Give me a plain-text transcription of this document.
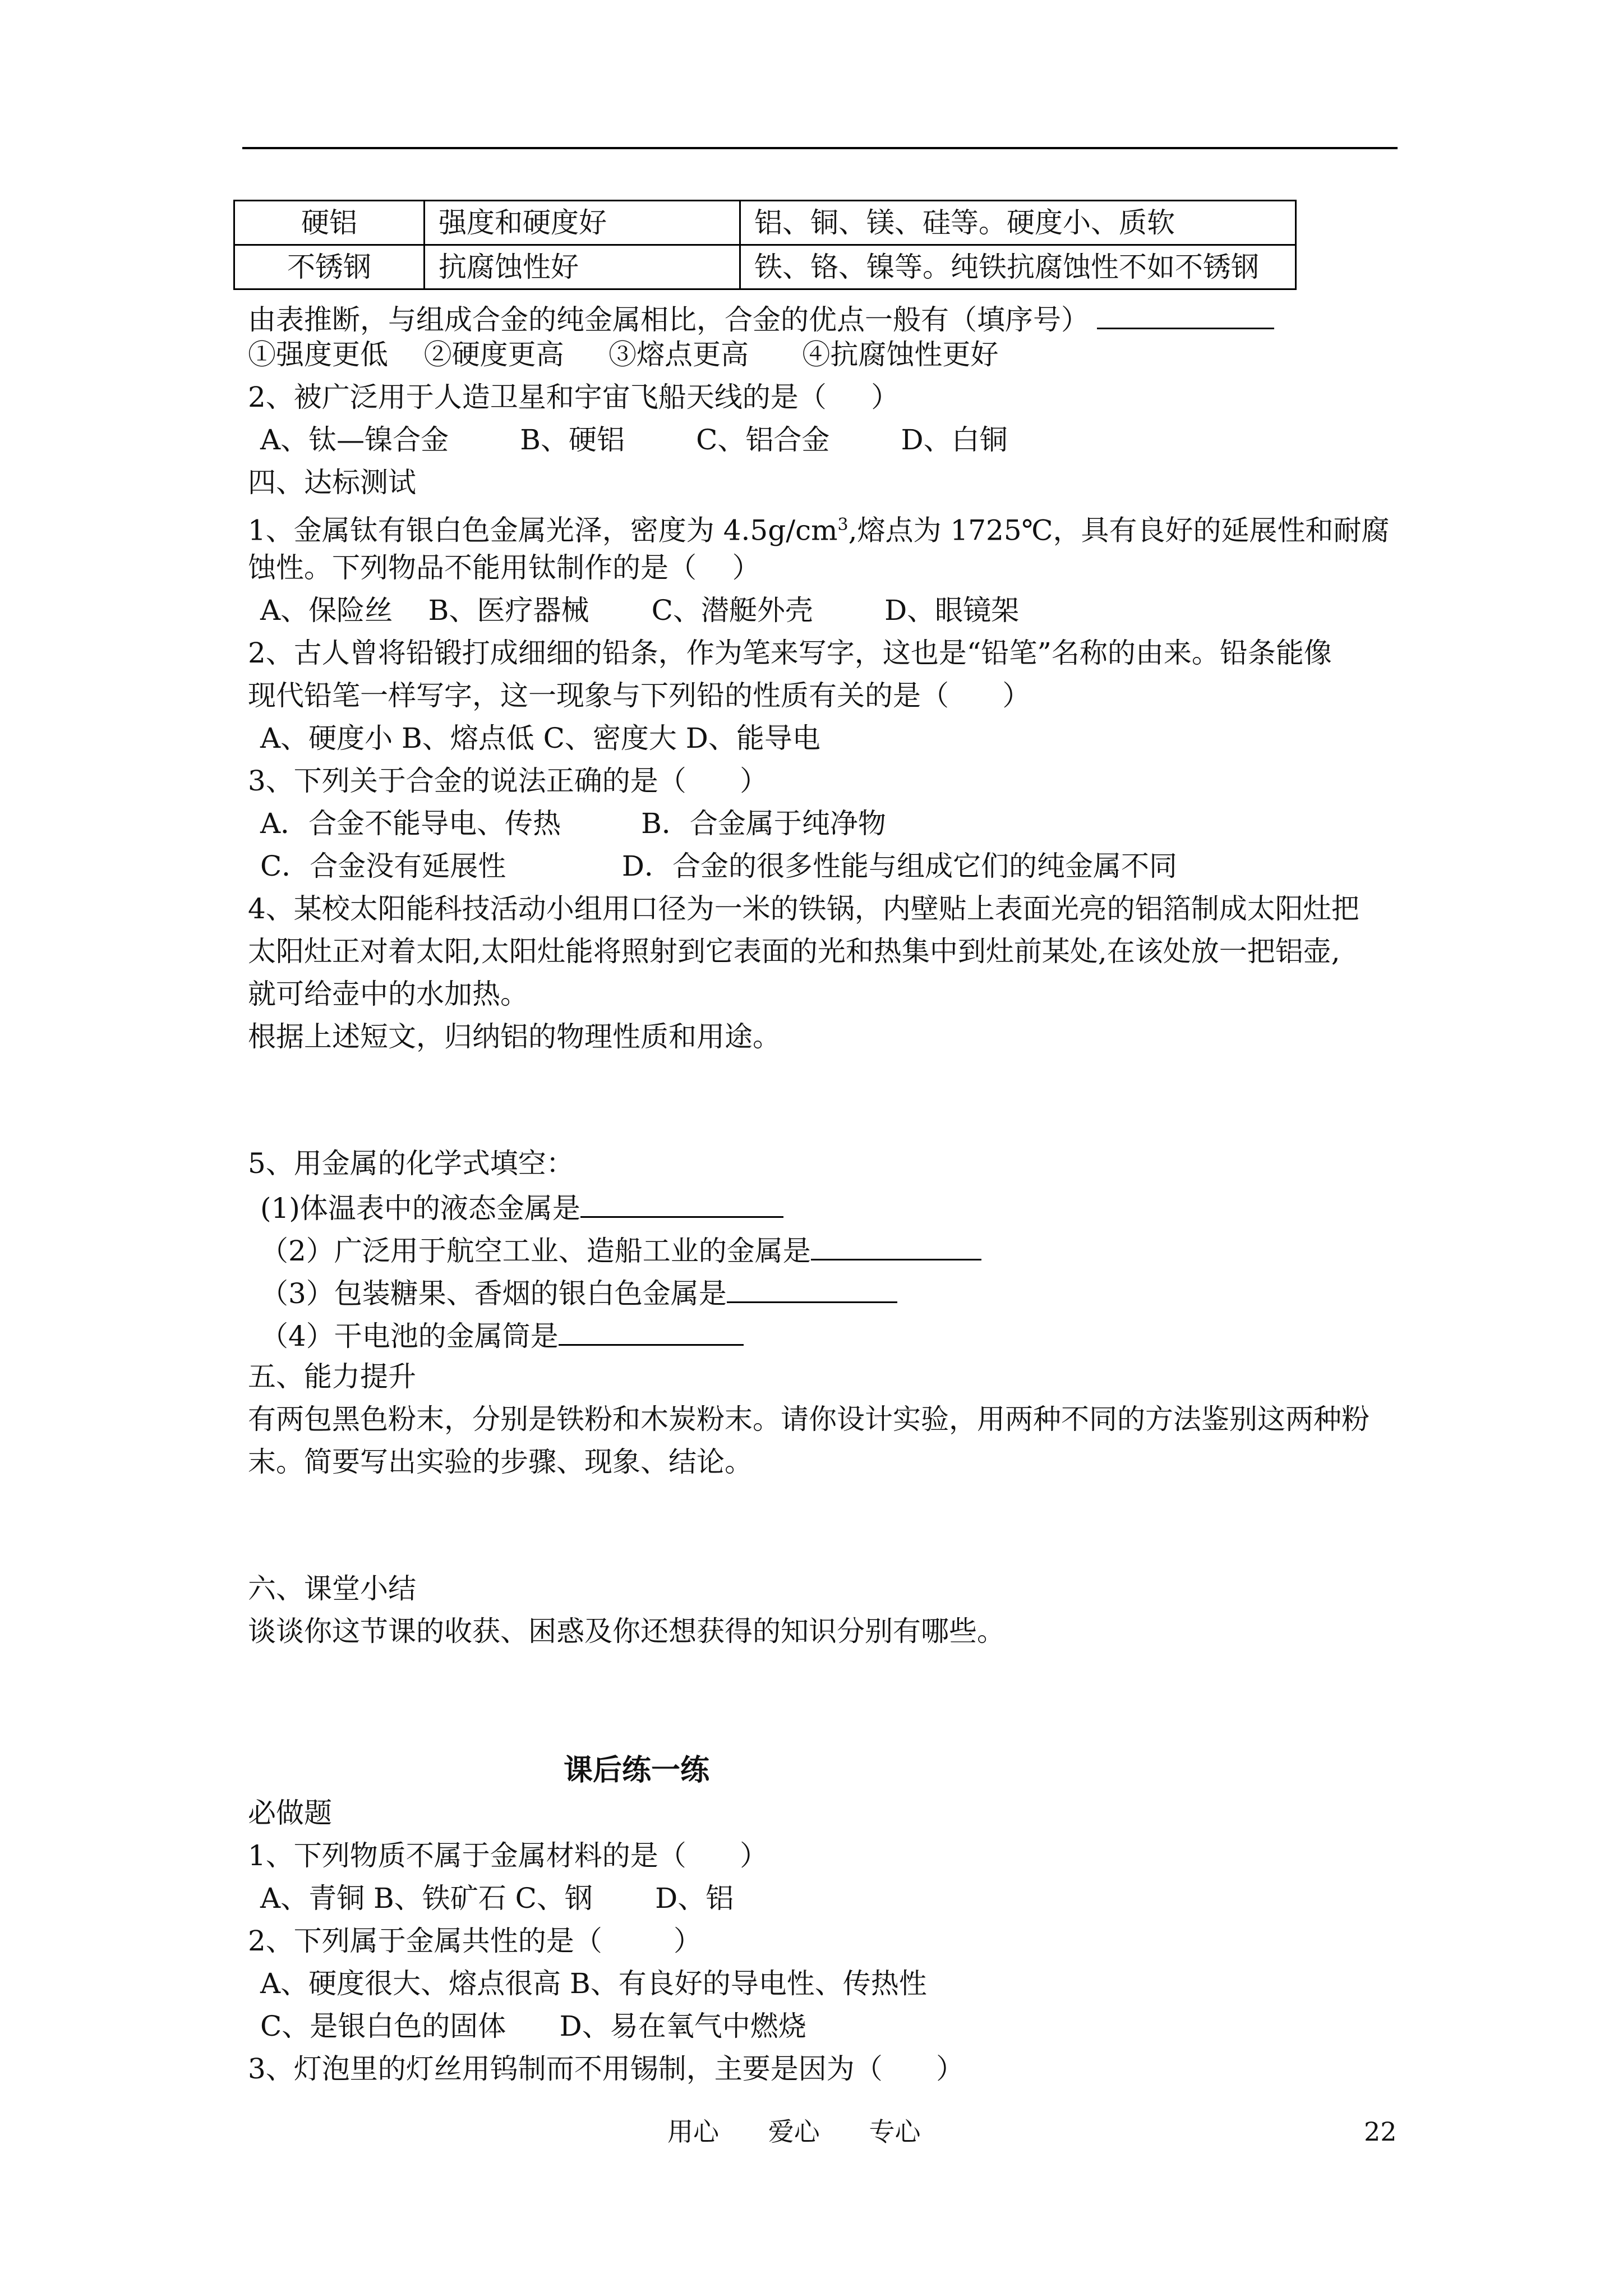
硬铝	强度和硬度好	铝、铜、镁、硅等。硬度小、质软
不锈钢	抗腐蚀性好	铁、铬、镍等。纯铁抗腐蚀性不如不锈钢
由表推断，与组成合金的纯金属相比，合金的优点一般有（填序号）
①强度更低    ②硬度更高     ③熔点更高      ④抗腐蚀性更好
2、被广泛用于人造卫星和宇宙飞船天线的是（     ）
A、钛—镍合金        B、硬铝        C、铝合金        D、白铜
四、达标测试
1、金属钛有银白色金属光泽，密度为 $4.5g/cm^3$,熔点为 1725℃，具有良好的延展性和耐腐
蚀性。下列物品不能用钛制作的是（    ）
A、保险丝    B、医疗器械       C、潜艇外壳        D、眼镜架
2、古人曾将铅锻打成细细的铅条，作为笔来写字，这也是“铅笔”名称的由来。铅条能像
现代铅笔一样写字，这一现象与下列铅的性质有关的是（      ）
A、硬度小 B、熔点低 C、密度大 D、能导电
3、下列关于合金的说法正确的是（      ）
A．合金不能导电、传热         B．合金属于纯净物
C．合金没有延展性             D．合金的很多性能与组成它们的纯金属不同
4、某校太阳能科技活动小组用口径为一米的铁锅，内壁贴上表面光亮的铝箔制成太阳灶把
太阳灶正对着太阳,太阳灶能将照射到它表面的光和热集中到灶前某处,在该处放一把铝壶,
就可给壶中的水加热。
根据上述短文，归纳铝的物理性质和用途。
5、用金属的化学式填空：
(1)体温表中的液态金属是
（2）广泛用于航空工业、造船工业的金属是
（3）包装糖果、香烟的银白色金属是
（4）干电池的金属筒是
五、能力提升
有两包黑色粉末，分别是铁粉和木炭粉末。请你设计实验，用两种不同的方法鉴别这两种粉
末。简要写出实验的步骤、现象、结论。
六、课堂小结
谈谈你这节课的收获、困惑及你还想获得的知识分别有哪些。
课后练一练
必做题
1、下列物质不属于金属材料的是（      ）
A、青铜 B、铁矿石 C、钢       D、铝
2、下列属于金属共性的是（        ）
A、硬度很大、熔点很高 B、有良好的导电性、传热性
C、是银白色的固体      D、易在氧气中燃烧
3、灯泡里的灯丝用钨制而不用锡制，主要是因为（      ）
用心      爱心      专心	22
